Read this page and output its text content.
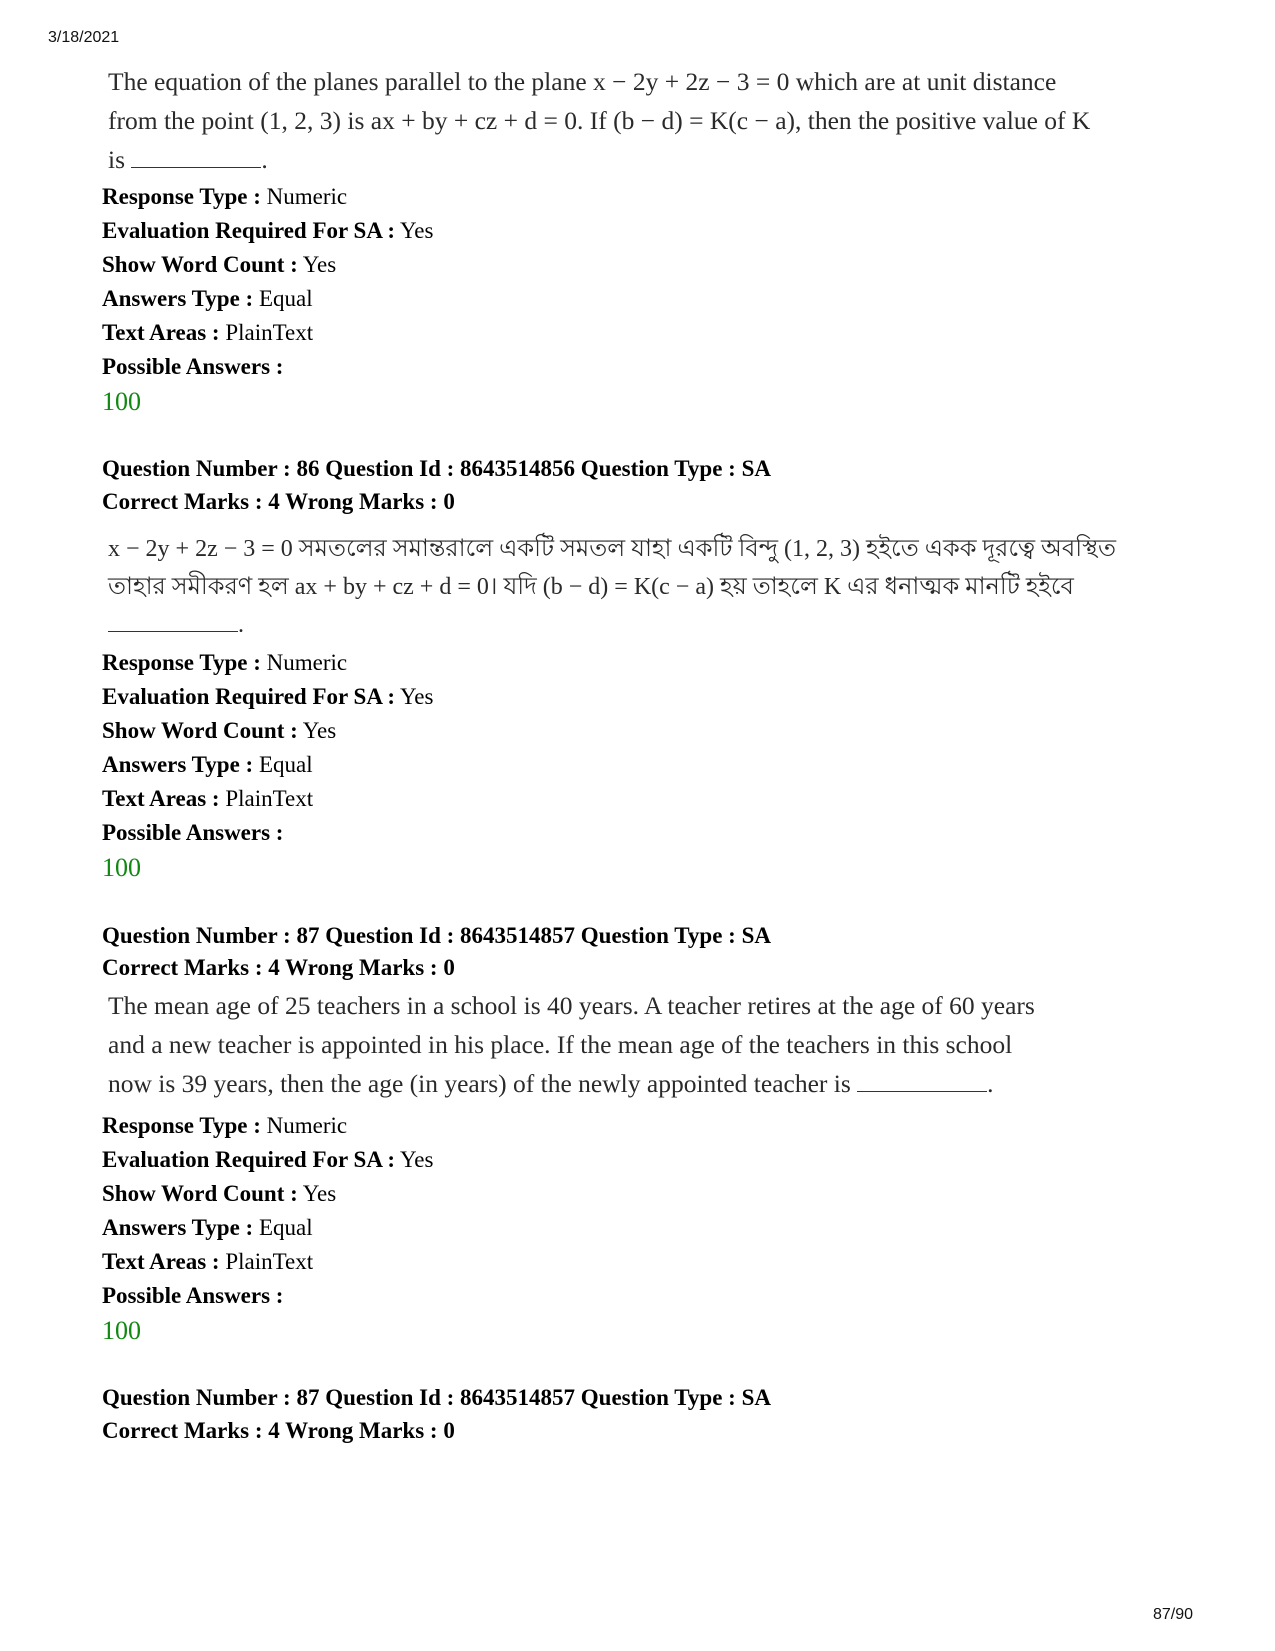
3/18/2021
The equation of the planes parallel to the plane x − 2y + 2z − 3 = 0 which are at unit distance
from the point (1, 2, 3) is ax + by + cz + d = 0. If (b − d) = K(c − a), then the positive value of K
is	.
Response Type : Numeric
Evaluation Required For SA : Yes
Show Word Count : Yes
Answers Type : Equal
Text Areas : PlainText
Possible Answers :
100
Question Number : 86 Question Id : 8643514856 Question Type : SA
Correct Marks : 4 Wrong Marks : 0
x − 2y + 2z − 3 = 0 সমতলের সমান্তরালে একটি সমতল যাহা একটি বিন্দু (1, 2, 3) হইতে একক দূরত্বে অবস্থিত
তাহার সমীকরণ হল ax + by + cz + d = 0। যদি (b − d) = K(c − a) হয় তাহলে K এর ধনাত্মক মানটি হইবে
.
Response Type : Numeric
Evaluation Required For SA : Yes
Show Word Count : Yes
Answers Type : Equal
Text Areas : PlainText
Possible Answers :
100
Question Number : 87 Question Id : 8643514857 Question Type : SA
Correct Marks : 4 Wrong Marks : 0
The mean age of 25 teachers in a school is 40 years. A teacher retires at the age of 60 years
and a new teacher is appointed in his place. If the mean age of the teachers in this school
now is 39 years, then the age (in years) of the newly appointed teacher is	.
Response Type : Numeric
Evaluation Required For SA : Yes
Show Word Count : Yes
Answers Type : Equal
Text Areas : PlainText
Possible Answers :
100
Question Number : 87 Question Id : 8643514857 Question Type : SA
Correct Marks : 4 Wrong Marks : 0
87/90
